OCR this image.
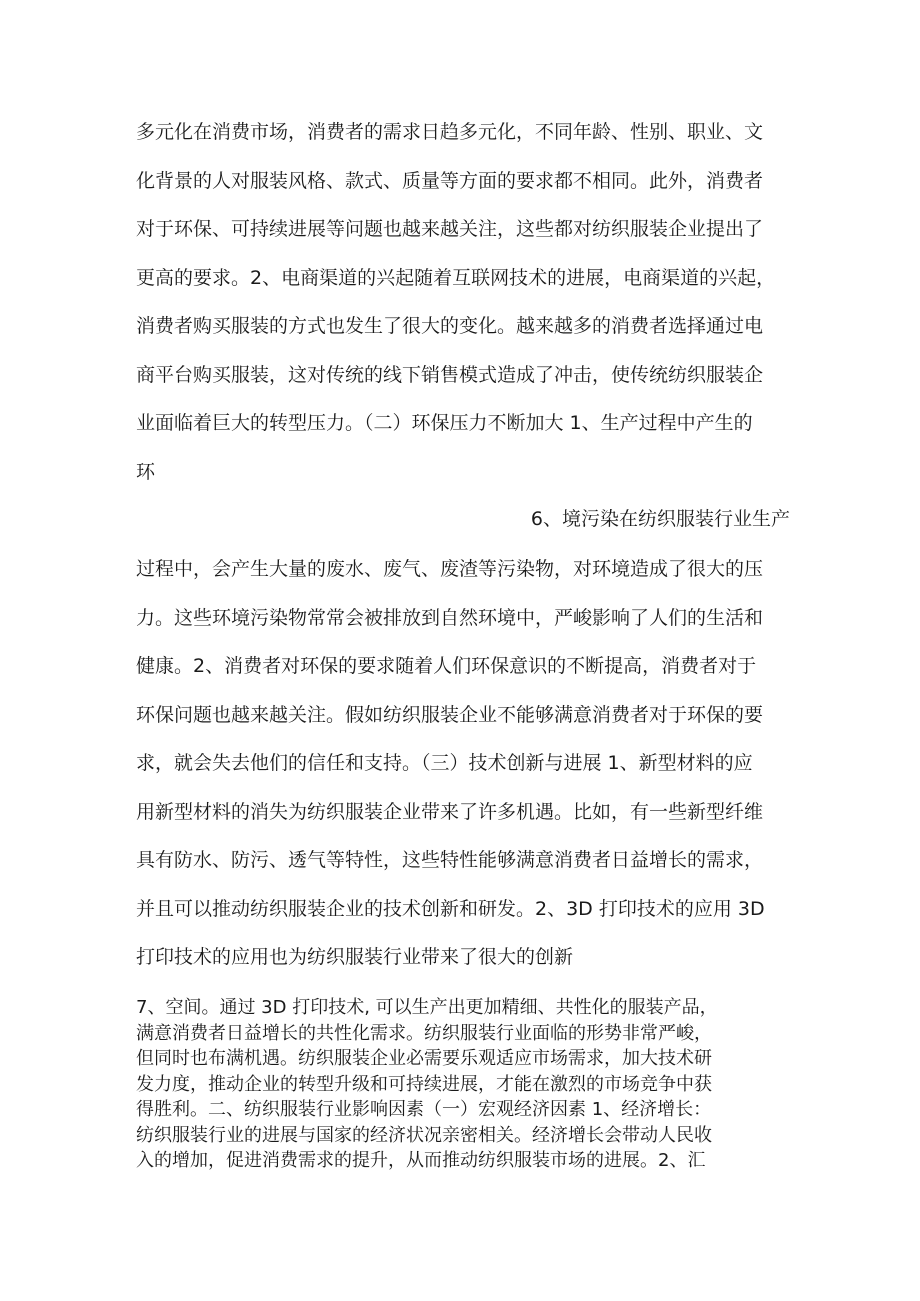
多元化在消费市场，消费者的需求日趋多元化，不同年龄、性别、职业、文
化背景的人对服装风格、款式、质量等方面的要求都不相同。此外，消费者
对于环保、可持续进展等问题也越来越关注，这些都对纺织服装企业提出了
更高的要求。2、电商渠道的兴起随着互联网技术的进展，电商渠道的兴起，
消费者购买服装的方式也发生了很大的变化。越来越多的消费者选择通过电
商平台购买服装，这对传统的线下销售模式造成了冲击，使传统纺织服装企
业面临着巨大的转型压力。（二）环保压力不断加大 1、生产过程中产生的
环
6、境污染在纺织服装行业生产
过程中，会产生大量的废水、废气、废渣等污染物，对环境造成了很大的压
力。这些环境污染物常常会被排放到自然环境中，严峻影响了人们的生活和
健康。2、消费者对环保的要求随着人们环保意识的不断提高，消费者对于
环保问题也越来越关注。假如纺织服装企业不能够满意消费者对于环保的要
求，就会失去他们的信任和支持。（三）技术创新与进展 1、新型材料的应
用新型材料的消失为纺织服装企业带来了许多机遇。比如，有一些新型纤维
具有防水、防污、透气等特性，这些特性能够满意消费者日益增长的需求，
并且可以推动纺织服装企业的技术创新和研发。2、3D 打印技术的应用 3D
打印技术的应用也为纺织服装行业带来了很大的创新
7、空间。通过 3D 打印技术, 可以生产出更加精细、共性化的服装产品，
满意消费者日益增长的共性化需求。纺织服装行业面临的形势非常严峻，
但同时也布满机遇。纺织服装企业必需要乐观适应市场需求，加大技术研
发力度，推动企业的转型升级和可持续进展，才能在激烈的市场竞争中获
得胜利。二、纺织服装行业影响因素（一）宏观经济因素 1、经济增长：
纺织服装行业的进展与国家的经济状况亲密相关。经济增长会带动人民收
入的增加，促进消费需求的提升，从而推动纺织服装市场的进展。2、汇
